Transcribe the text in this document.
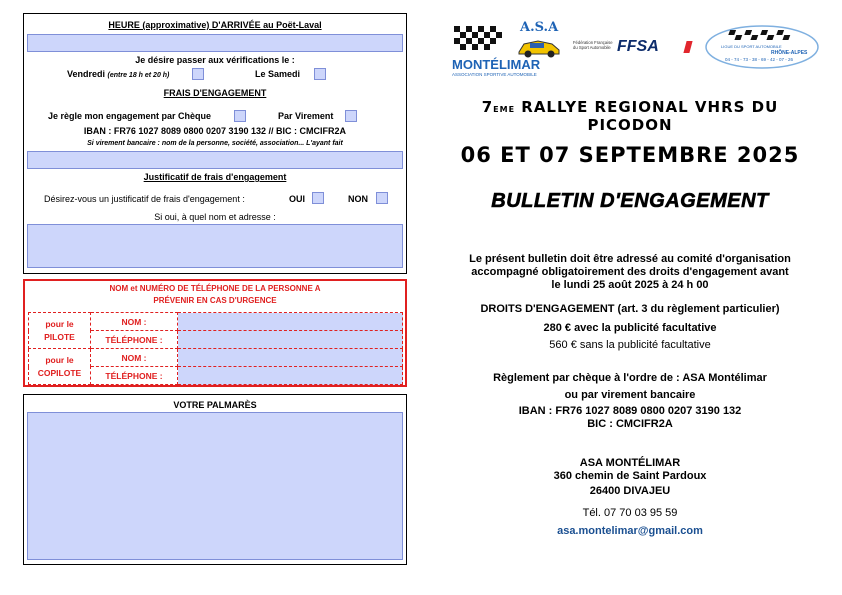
HEURE (approximative) D'ARRIVÉE au Poët-Laval
Je désire passer aux vérifications le :
Vendredi (entre 18 h et 20 h)	Le Samedi
FRAIS D'ENGAGEMENT
Je règle mon engagement par Chèque	Par Virement
IBAN : FR76 1027 8089 0800 0207 3190 132 // BIC : CMCIFR2A
Si virement bancaire : nom de la personne, société, association... L'ayant fait
Justificatif de frais d'engagement
Désirez-vous un justificatif de frais d'engagement :	OUI	NON
Si oui, à quel nom et adresse :
NOM et NUMÉRO DE TÉLÉPHONE DE LA PERSONNE A
PRÉVENIR EN CAS D'URGENCE
pour le
PILOTE	NOM :	
	TÉLÉPHONE :	
pour le
COPILOTE	NOM :	
	TÉLÉPHONE :	
VOTRE PALMARÈS
A.S.A
MONTÉLIMAR
ASSOCIATION SPORTIVE AUTOMOBILE
Fédération Française du Sport Automobile FFSA	LIGUE DU SPORT AUTOMOBILE
RHÔNE-ALPES
04 - 74 - 73 - 38 - 69 - 42 - 07 - 26
7EME RALLYE REGIONAL VHRS DU PICODON
06 ET 07 SEPTEMBRE 2025
BULLETIN D'ENGAGEMENT
Le présent bulletin doit être adressé au comité d'organisation
accompagné obligatoirement des droits d'engagement avant
le lundi 25 août 2025 à 24 h 00
DROITS D'ENGAGEMENT (art. 3 du règlement particulier)
280 € avec la publicité facultative
560 € sans la publicité facultative
Règlement par chèque à l'ordre de : ASA Montélimar
ou par virement bancaire
IBAN : FR76 1027 8089 0800 0207 3190 132
BIC : CMCIFR2A
ASA MONTÉLIMAR
360 chemin de Saint Pardoux
26400 DIVAJEU
Tél. 07 70 03 95 59
asa.montelimar@gmail.com
